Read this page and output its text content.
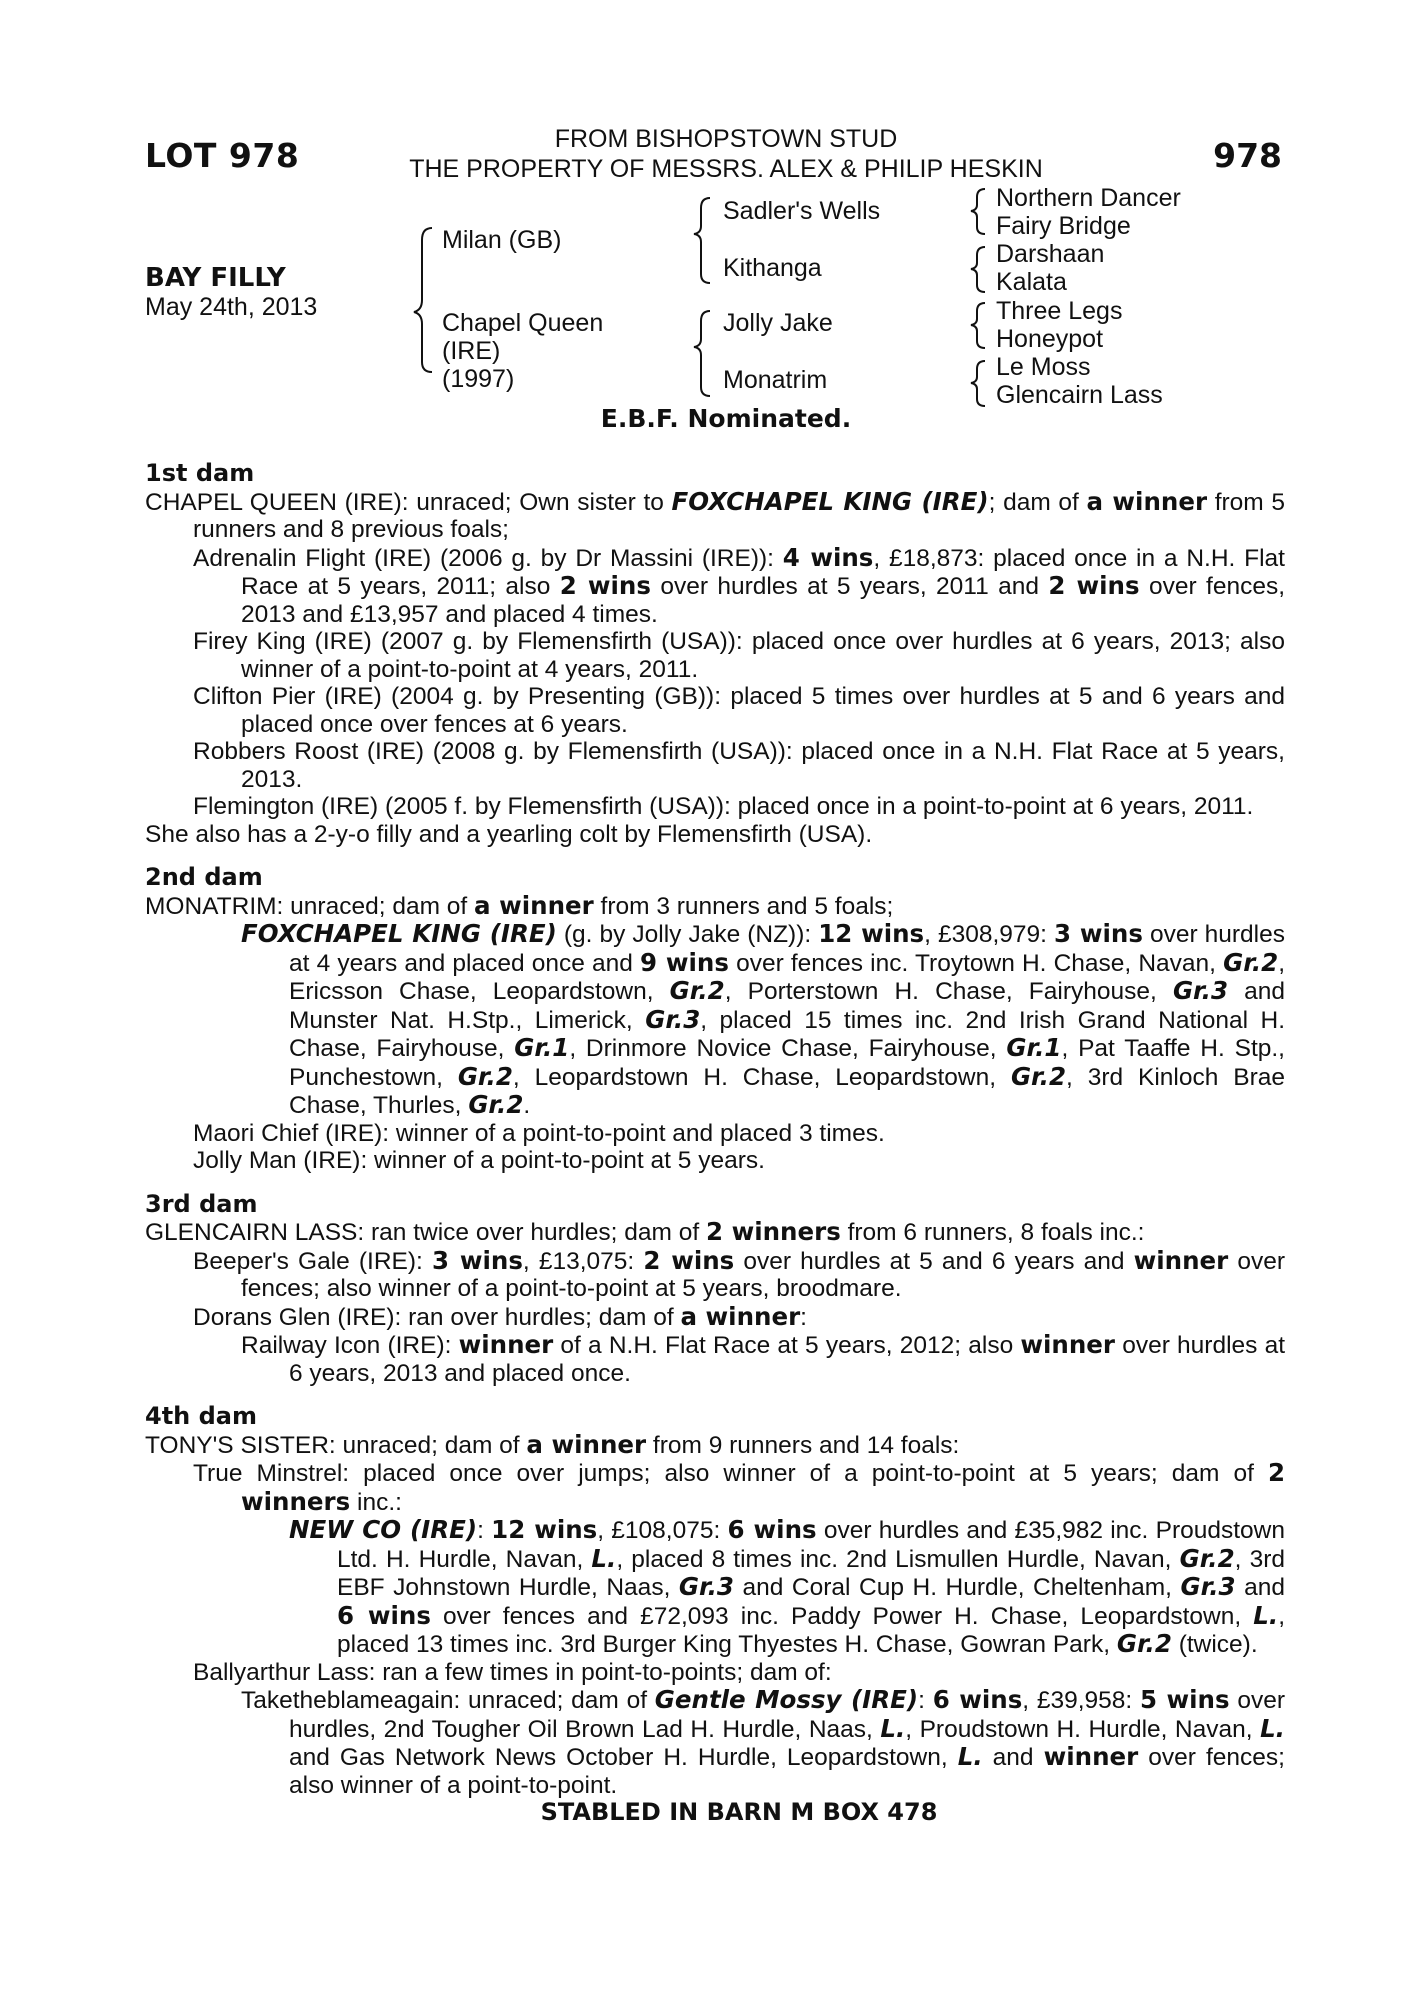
LOT 978	978
FROM BISHOPSTOWN STUD
THE PROPERTY OF MESSRS. ALEX & PHILIP HESKIN
BAY FILLY
May 24th, 2013
Milan (GB)
Chapel Queen
(IRE)
(1997)
Sadler's Wells
Kithanga
Jolly Jake
Monatrim
Northern Dancer
Fairy Bridge
Darshaan
Kalata
Three Legs
Honeypot
Le Moss
Glencairn Lass
E.B.F. Nominated.
1st dam
CHAPEL QUEEN (IRE): unraced; Own sister to FOXCHAPEL KING (IRE); dam of a winner from 5 runners and 8 previous foals;
Adrenalin Flight (IRE) (2006 g. by Dr Massini (IRE)): 4 wins, £18,873: placed once in a N.H. Flat Race at 5 years, 2011; also 2 wins over hurdles at 5 years, 2011 and 2 wins over fences, 2013 and £13,957 and placed 4 times.
Firey King (IRE) (2007 g. by Flemensfirth (USA)): placed once over hurdles at 6 years, 2013; also winner of a point-to-point at 4 years, 2011.
Clifton Pier (IRE) (2004 g. by Presenting (GB)): placed 5 times over hurdles at 5 and 6 years and placed once over fences at 6 years.
Robbers Roost (IRE) (2008 g. by Flemensfirth (USA)): placed once in a N.H. Flat Race at 5 years, 2013.
Flemington (IRE) (2005 f. by Flemensfirth (USA)): placed once in a point-to-point at 6 years, 2011.
She also has a 2-y-o filly and a yearling colt by Flemensfirth (USA).
2nd dam
MONATRIM: unraced; dam of a winner from 3 runners and 5 foals;
FOXCHAPEL KING (IRE) (g. by Jolly Jake (NZ)): 12 wins, £308,979: 3 wins over hurdles at 4 years and placed once and 9 wins over fences inc. Troytown H. Chase, Navan, Gr.2, Ericsson Chase, Leopardstown, Gr.2, Porterstown H. Chase, Fairyhouse, Gr.3 and Munster Nat. H.Stp., Limerick, Gr.3, placed 15 times inc. 2nd Irish Grand National H. Chase, Fairyhouse, Gr.1, Drinmore Novice Chase, Fairyhouse, Gr.1, Pat Taaffe H. Stp., Punchestown, Gr.2, Leopardstown H. Chase, Leopardstown, Gr.2, 3rd Kinloch Brae Chase, Thurles, Gr.2.
Maori Chief (IRE): winner of a point-to-point and placed 3 times.
Jolly Man (IRE): winner of a point-to-point at 5 years.
3rd dam
GLENCAIRN LASS: ran twice over hurdles; dam of 2 winners from 6 runners, 8 foals inc.:
Beeper's Gale (IRE): 3 wins, £13,075: 2 wins over hurdles at 5 and 6 years and winner over fences; also winner of a point-to-point at 5 years, broodmare.
Dorans Glen (IRE): ran over hurdles; dam of a winner:
Railway Icon (IRE): winner of a N.H. Flat Race at 5 years, 2012; also winner over hurdles at 6 years, 2013 and placed once.
4th dam
TONY'S SISTER: unraced; dam of a winner from 9 runners and 14 foals:
True Minstrel: placed once over jumps; also winner of a point-to-point at 5 years; dam of 2 winners inc.:
NEW CO (IRE): 12 wins, £108,075: 6 wins over hurdles and £35,982 inc. Proudstown Ltd. H. Hurdle, Navan, L., placed 8 times inc. 2nd Lismullen Hurdle, Navan, Gr.2, 3rd EBF Johnstown Hurdle, Naas, Gr.3 and Coral Cup H. Hurdle, Cheltenham, Gr.3 and 6 wins over fences and £72,093 inc. Paddy Power H. Chase, Leopardstown, L., placed 13 times inc. 3rd Burger King Thyestes H. Chase, Gowran Park, Gr.2 (twice).
Ballyarthur Lass: ran a few times in point-to-points; dam of:
Taketheblameagain: unraced; dam of Gentle Mossy (IRE): 6 wins, £39,958: 5 wins over hurdles, 2nd Tougher Oil Brown Lad H. Hurdle, Naas, L., Proudstown H. Hurdle, Navan, L. and Gas Network News October H. Hurdle, Leopardstown, L. and winner over fences; also winner of a point-to-point.
STABLED IN BARN M BOX 478
